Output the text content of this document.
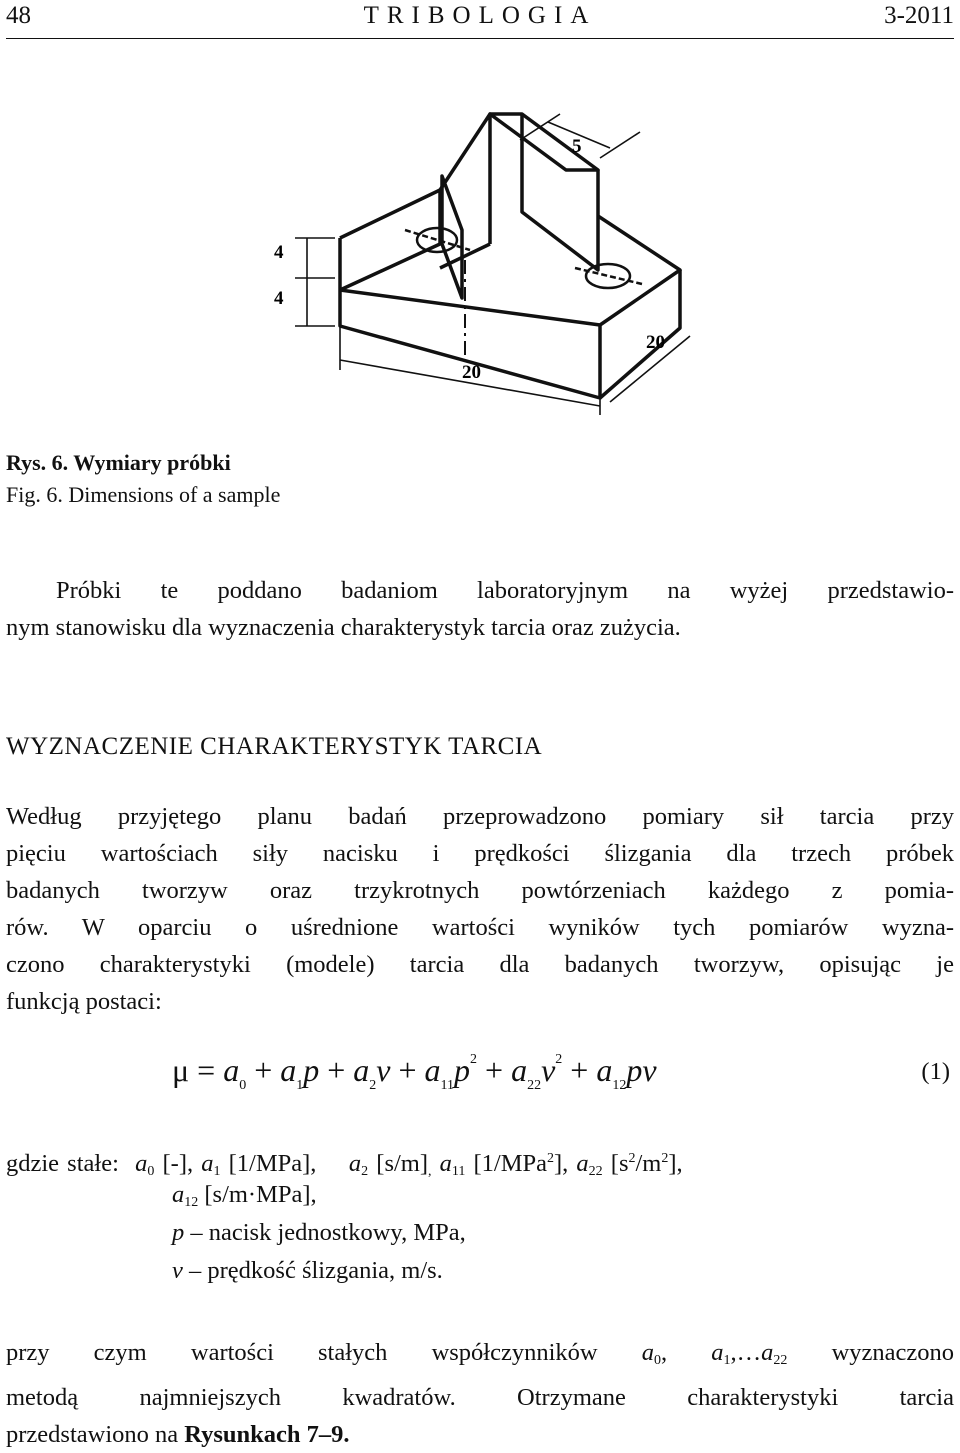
48	TRIBOLOGIA	3-2011
5
4
4
20
20
Rys. 6. Wymiary próbki
Fig. 6. Dimensions of a sample
Próbki te poddano badaniom laboratoryjnym na wyżej przedstawio-
nym stanowisku dla wyznaczenia charakterystyk tarcia oraz zużycia.
WYZNACZENIE CHARAKTERYSTYK TARCIA
Według przyjętego planu badań przeprowadzono pomiary sił tarcia przy
pięciu wartościach siły nacisku i prędkości ślizgania dla trzech próbek
badanych tworzyw oraz trzykrotnych powtórzeniach każdego z pomia-
rów. W oparciu o uśrednione wartości wyników tych pomiarów wyzna-
czono charakterystyki (modele) tarcia dla badanych tworzyw, opisując je
funkcją postaci:
$\mu = a_0 + a_1p + a_2v + a_{11}p^2 + a_{22}v^2 + a_{12}pv$	(1)
gdzie stałe: $a_0$ [-], $a_1$ [1/MPa],    $a_2$ $[s/m]_,$ $a_{11}$ [1/MPa$^2$], $a_{22}$ $[s^2/m^2]$,
$a_{12}$ [s/m·MPa],
p – nacisk jednostkowy, MPa,
v – prędkość ślizgania, m/s.
przy czym wartości stałych współczynników $a_0$, $a_1,\dots a_{22}$ wyznaczono
metodą najmniejszych kwadratów. Otrzymane charakterystyki tarcia
przedstawiono na Rysunkach 7–9.
